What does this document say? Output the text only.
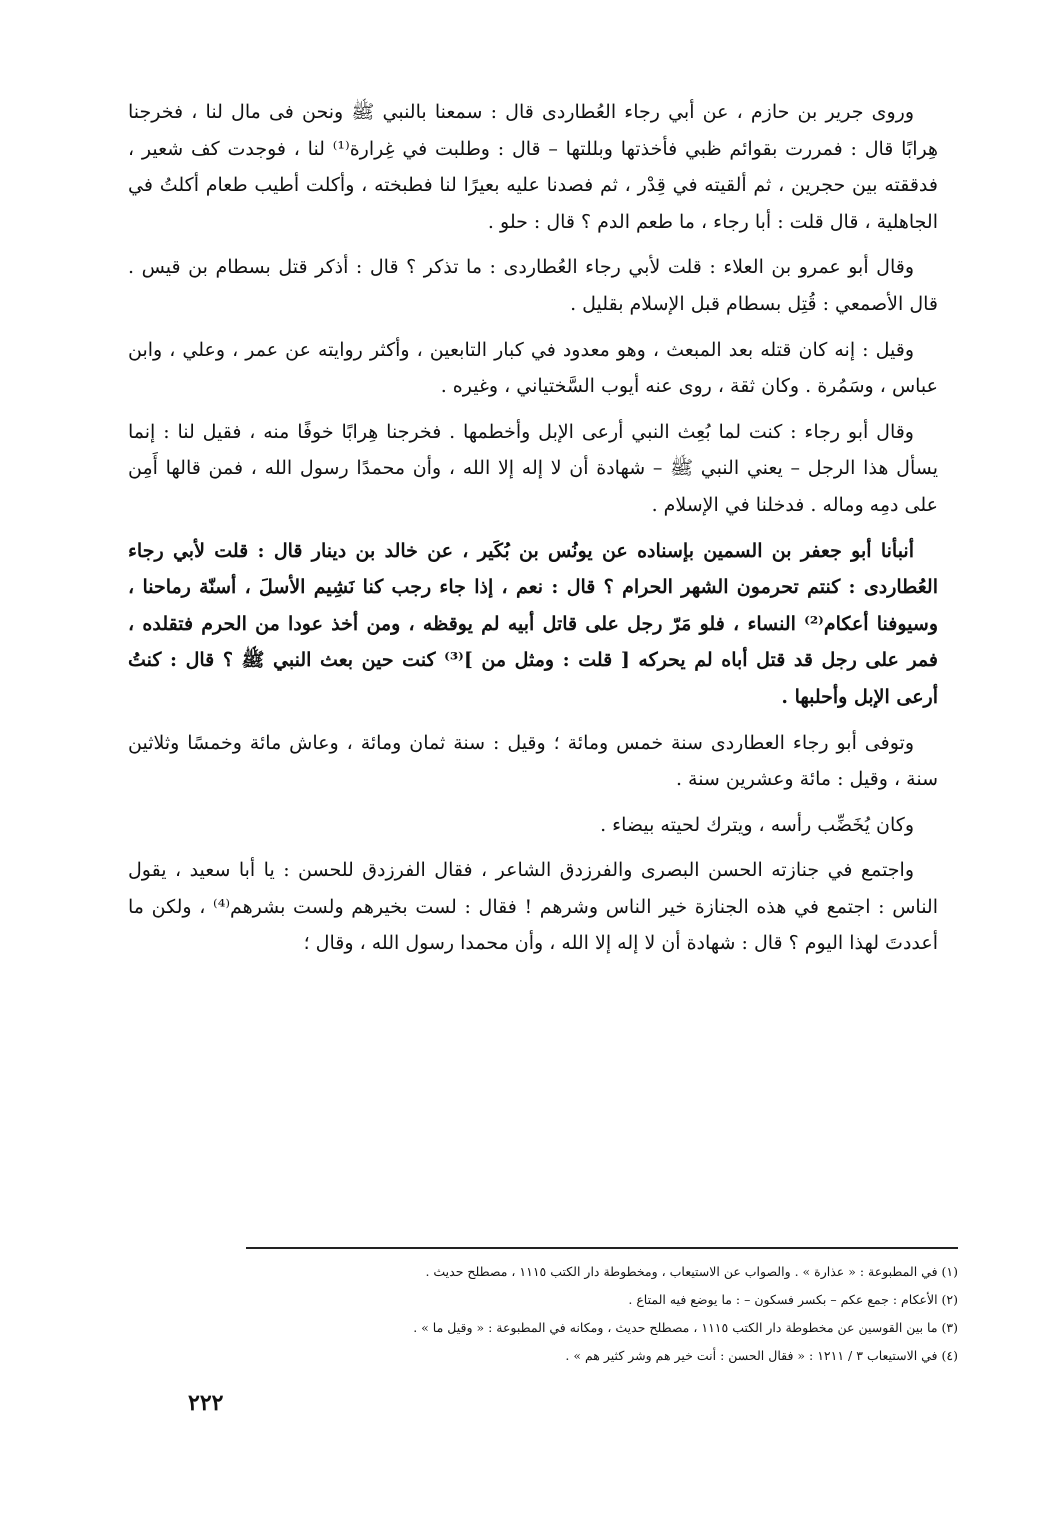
وروى جرير بن حازم ، عن أبي رجاء العُطاردى قال : سمعنا بالنبي ﷺ ونحن فى مال لنا ، فخرجنا هِرابًا قال : فمررت بقوائم ظبي فأخذتها وبللتها – قال : وطلبت في غِرارة⁽¹⁾ لنا ، فوجدت كف شعير ، فدققته بين حجرين ، ثم ألقيته في قِدْر ، ثم فصدنا عليه بعيرًا لنا فطبخته ، وأكلت أطيب طعام أكلتُ في الجاهلية ، قال قلت : أبا رجاء ، ما طعم الدم ؟ قال : حلو .

وقال أبو عمرو بن العلاء : قلت لأبي رجاء العُطاردى : ما تذكر ؟ قال : أذكر قتل بسطام بن قيس . قال الأصمعي : قُتِل بسطام قبل الإسلام بقليل .

وقيل : إنه كان قتله بعد المبعث ، وهو معدود في كبار التابعين ، وأكثر روايته عن عمر ، وعلي ، وابن عباس ، وسَمُرة . وكان ثقة ، روى عنه أيوب السَّختياني ، وغيره .

وقال أبو رجاء : كنت لما بُعِث النبي أرعى الإبل وأخطمها . فخرجنا هِرابًا خوفًا منه ، فقيل لنا : إنما يسأل هذا الرجل – يعني النبي ﷺ – شهادة أن لا إله إلا الله ، وأن محمدًا رسول الله ، فمن قالها أَمِن على دمِه وماله . فدخلنا في الإسلام .

أنبأنا أبو جعفر بن السمين بإسناده عن يونُس بن بُكَير ، عن خالد بن دينار قال : قلت لأبي رجاء العُطاردى : كنتم تحرمون الشهر الحرام ؟ قال : نعم ، إذا جاء رجب كنا نَشِيم الأسلَ ، أسنّة رماحنا ، وسيوفنا أعكام⁽²⁾ النساء ، فلو مَرّ رجل على قاتل أبيه لم يوقظه ، ومن أخذ عودا من الحرم فتقلده ، فمر على رجل قد قتل أباه لم يحركه [ قلت : ومثل من ]⁽³⁾ كنت حين بعث النبي ﷺ ؟ قال : كنتُ أرعى الإبل وأحلبها .

وتوفى أبو رجاء العطاردى سنة خمس ومائة ؛ وقيل : سنة ثمان ومائة ، وعاش مائة وخمسًا وثلاثين سنة ، وقيل : مائة وعشرين سنة .

وكان يُخَضِّب رأسه ، ويترك لحيته بيضاء .

واجتمع في جنازته الحسن البصرى والفرزدق الشاعر ، فقال الفرزدق للحسن : يا أبا سعيد ، يقول الناس : اجتمع في هذه الجنازة خير الناس وشرهم ! فقال : لست بخيرهم ولست بشرهم⁽⁴⁾ ، ولكن ما أعددتَ لهذا اليوم ؟ قال : شهادة أن لا إله إلا الله ، وأن محمدا رسول الله ، وقال ؛

(١) في المطبوعة : « عذارة » . والصواب عن الاستيعاب ، ومخطوطة دار الكتب ١١١٥ ، مصطلح حديث .
(٢) الأعكام : جمع عكم – بكسر فسكون – : ما يوضع فيه المتاع .
(٣) ما بين القوسين عن مخطوطة دار الكتب ١١١٥ ، مصطلح حديث ، ومكانه في المطبوعة : « وقيل ما » .
(٤) في الاستيعاب ٣ / ١٢١١ : « فقال الحسن : أنت خير هم وشر كثير هم » .
٢٢٢
